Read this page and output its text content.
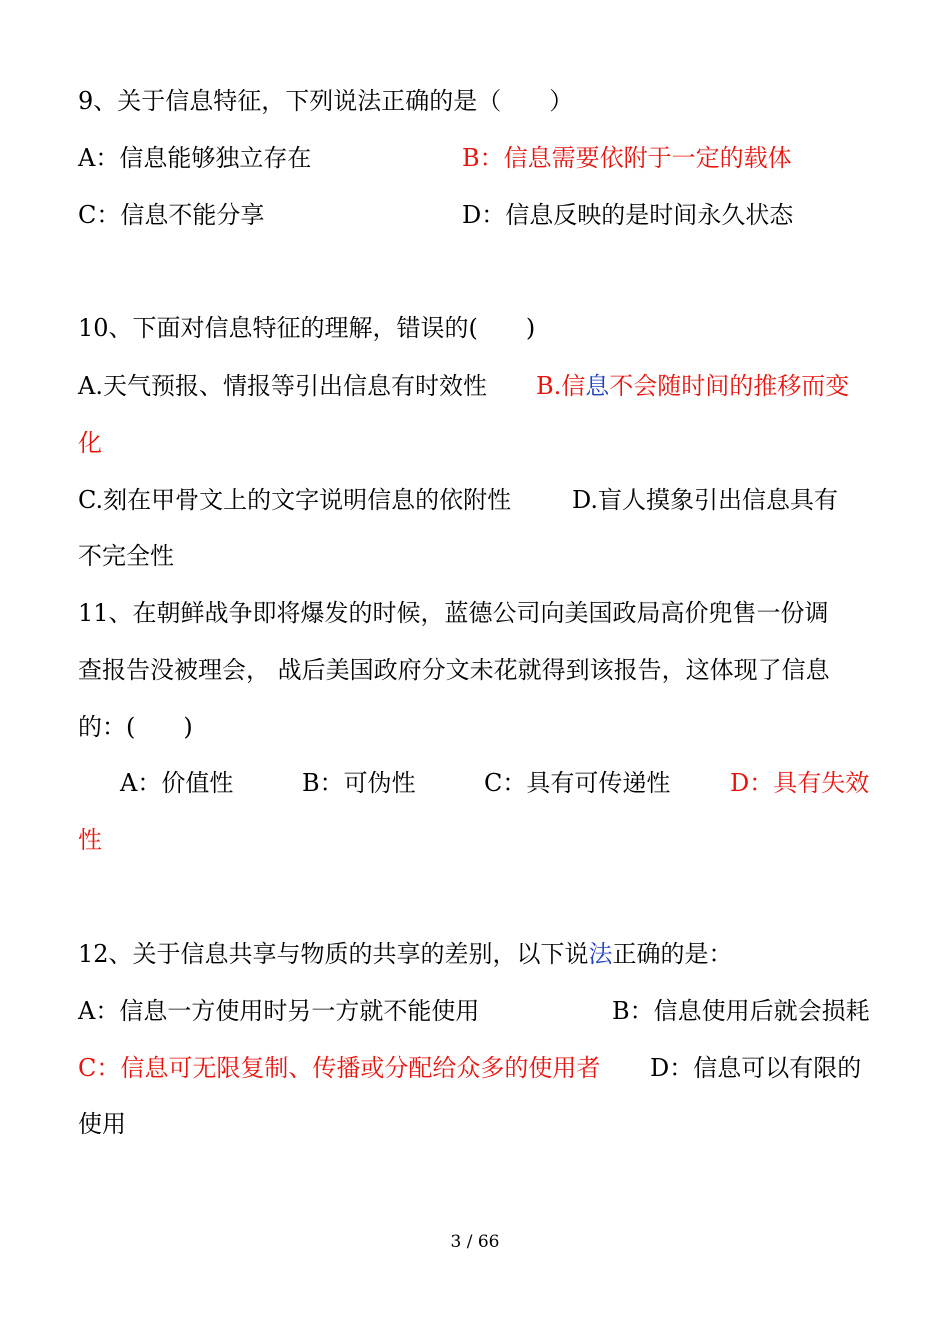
9、关于信息特征，下列说法正确的是（　　）
A：信息能够独立存在	B：信息需要依附于一定的载体
C：信息不能分享	D：信息反映的是时间永久状态
10、下面对信息特征的理解，错误的(　　)
A.天气预报、情报等引出信息有时效性 B.信息不会随时间的推移而变
化
C.刻在甲骨文上的文字说明信息的依附性	D.盲人摸象引出信息具有
不完全性
11、在朝鲜战争即将爆发的时候，蓝德公司向美国政局高价兜售一份调
查报告没被理会， 战后美国政府分文未花就得到该报告，这体现了信息
的：(　　)
A：价值性	B：可伪性	C：具有可传递性 D：具有失效
性
12、关于信息共享与物质的共享的差别，以下说法正确的是：
A：信息一方使用时另一方就不能使用	B：信息使用后就会损耗
C：信息可无限复制、传播或分配给众多的使用者 D：信息可以有限的
使用
3 / 66
